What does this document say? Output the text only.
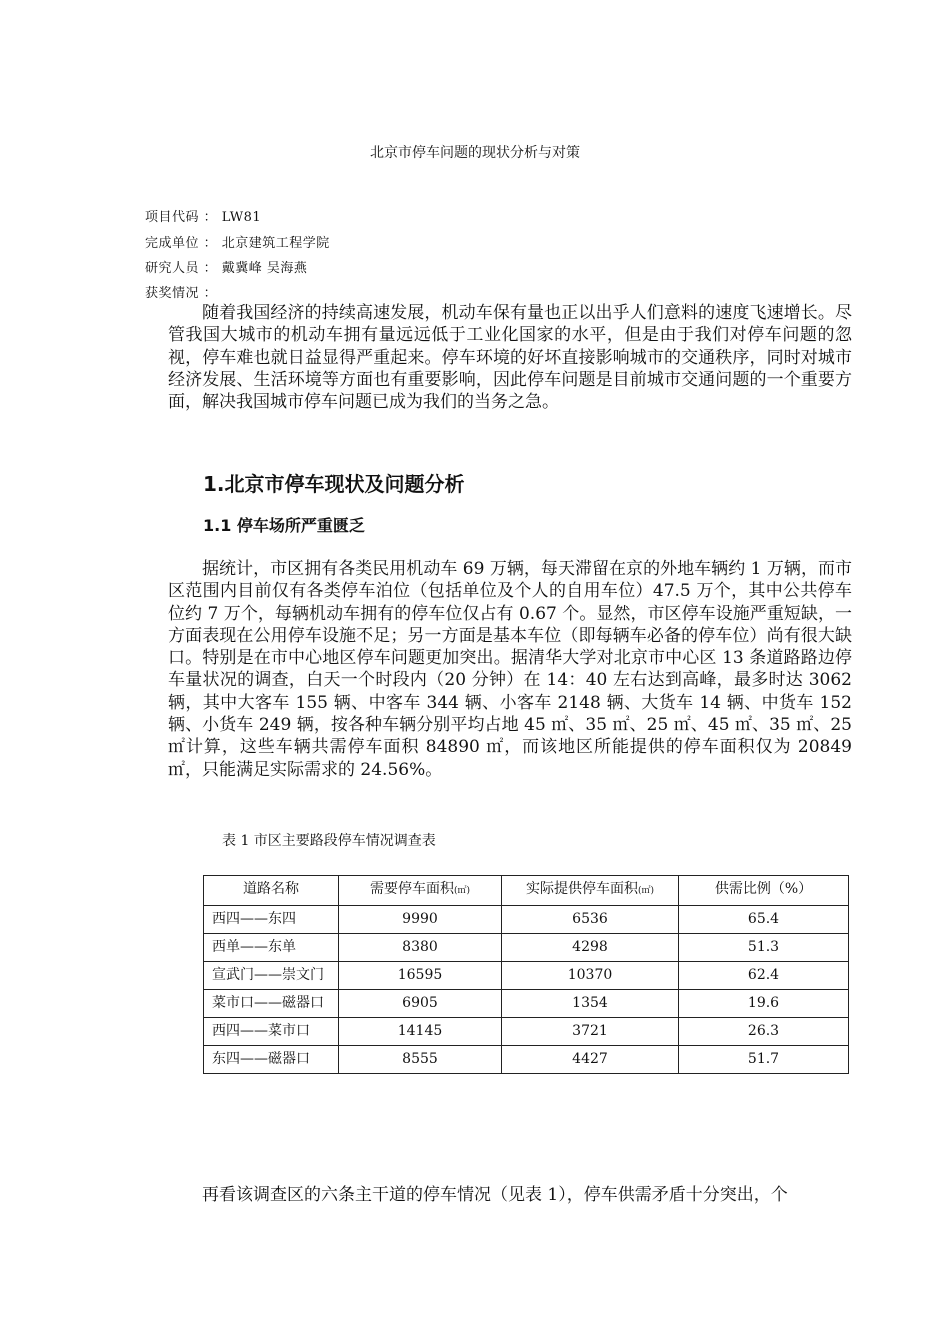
北京市停车问题的现状分析与对策
项目代码 ： LW81
完成单位 ： 北京建筑工程学院
研究人员 ： 戴冀峰 吴海燕
获奖情况 ：

随着我国经济的持续高速发展，机动车保有量也正以出乎人们意料的速度飞速增长。尽管我国大城市的机动车拥有量远远低于工业化国家的水平，但是由于我们对停车问题的忽视，停车难也就日益显得严重起来。停车环境的好坏直接影响城市的交通秩序，同时对城市经济发展、生活环境等方面也有重要影响，因此停车问题是目前城市交通问题的一个重要方面，解决我国城市停车问题已成为我们的当务之急。

1.北京市停车现状及问题分析
1.1 停车场所严重匮乏

据统计，市区拥有各类民用机动车 69 万辆，每天滞留在京的外地车辆约 1 万辆，而市区范围内目前仅有各类停车泊位（包括单位及个人的自用车位）47.5 万个，其中公共停车位约 7 万个，每辆机动车拥有的停车位仅占有 0.67 个。显然，市区停车设施严重短缺，一方面表现在公用停车设施不足；另一方面是基本车位（即每辆车必备的停车位）尚有很大缺口。特别是在市中心地区停车问题更加突出。据清华大学对北京市中心区 13 条道路路边停车量状况的调查，白天一个时段内（20 分钟）在 14：40 左右达到高峰，最多时达 3062 辆，其中大客车 155 辆、中客车 344 辆、小客车 2148 辆、大货车 14 辆、中货车 152 辆、小货车 249 辆，按各种车辆分别平均占地 45 ㎡、35 ㎡、25 ㎡、45 ㎡、35 ㎡、25 ㎡计算，这些车辆共需停车面积 84890 ㎡，而该地区所能提供的停车面积仅为 20849 ㎡，只能满足实际需求的 24.56%。

表 1 市区主要路段停车情况调查表
道路名称	需要停车面积(㎡)	实际提供停车面积(㎡)	供需比例（%）
西四——东四	9990	6536	65.4
西单——东单	8380	4298	51.3
宣武门——崇文门	16595	10370	62.4
菜市口——磁器口	6905	1354	19.6
西四——菜市口	14145	3721	26.3
东四——磁器口	8555	4427	51.7
再看该调查区的六条主干道的停车情况（见表 1），停车供需矛盾十分突出，个
